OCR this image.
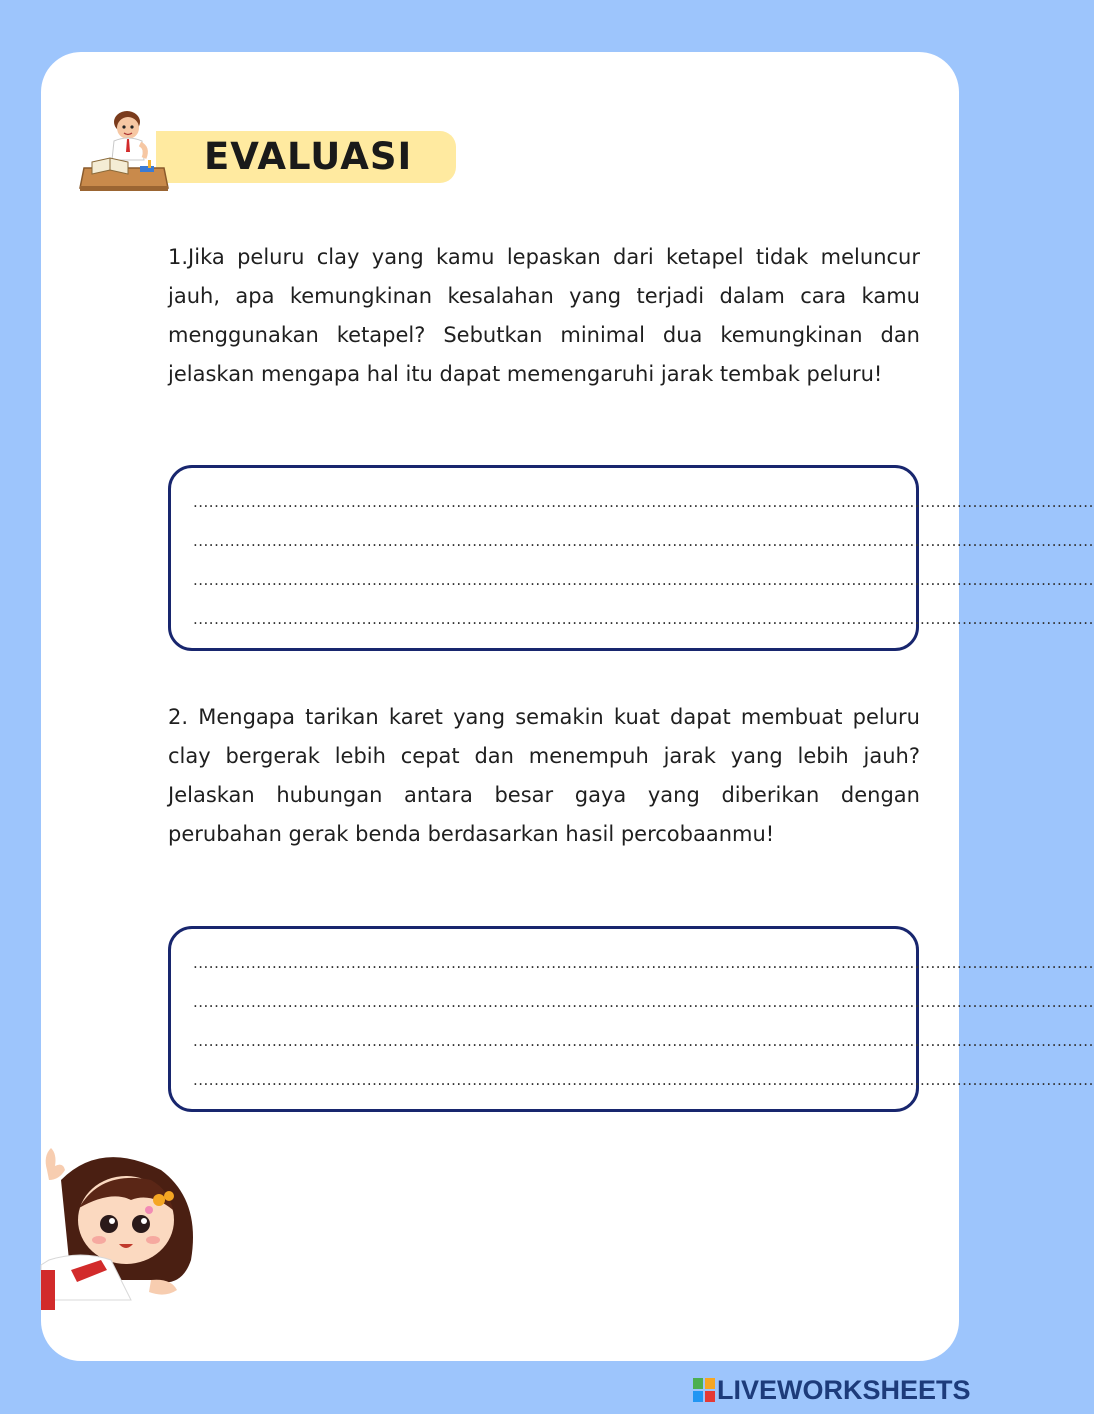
EVALUASI

1.Jika peluru clay yang kamu lepaskan dari ketapel tidak meluncur jauh, apa kemungkinan kesalahan yang terjadi dalam cara kamu menggunakan ketapel? Sebutkan minimal dua kemungkinan dan jelaskan mengapa hal itu dapat memengaruhi jarak tembak peluru!

...........................................................................................................................................................................
...........................................................................................................................................................................
...........................................................................................................................................................................
...........................................................................................................................................................................

2. Mengapa tarikan karet yang semakin kuat dapat membuat peluru clay bergerak lebih cepat dan menempuh jarak yang lebih jauh? Jelaskan hubungan antara besar gaya yang diberikan dengan perubahan gerak benda berdasarkan hasil percobaanmu!

...........................................................................................................................................................................
...........................................................................................................................................................................
...........................................................................................................................................................................
...........................................................................................................................................................................
LIVEWORKSHEETS
